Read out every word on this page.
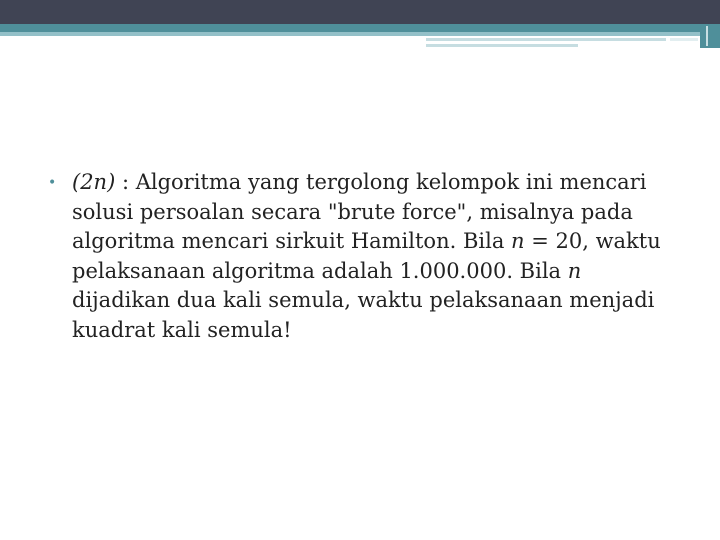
• (2n) : Algoritma yang tergolong kelompok ini mencari solusi persoalan secara "brute force", misalnya pada algoritma mencari sirkuit Hamilton. Bila n = 20, waktu pelaksanaan algoritma adalah 1.000.000. Bila n dijadikan dua kali semula, waktu pelaksanaan menjadi kuadrat kali semula!
